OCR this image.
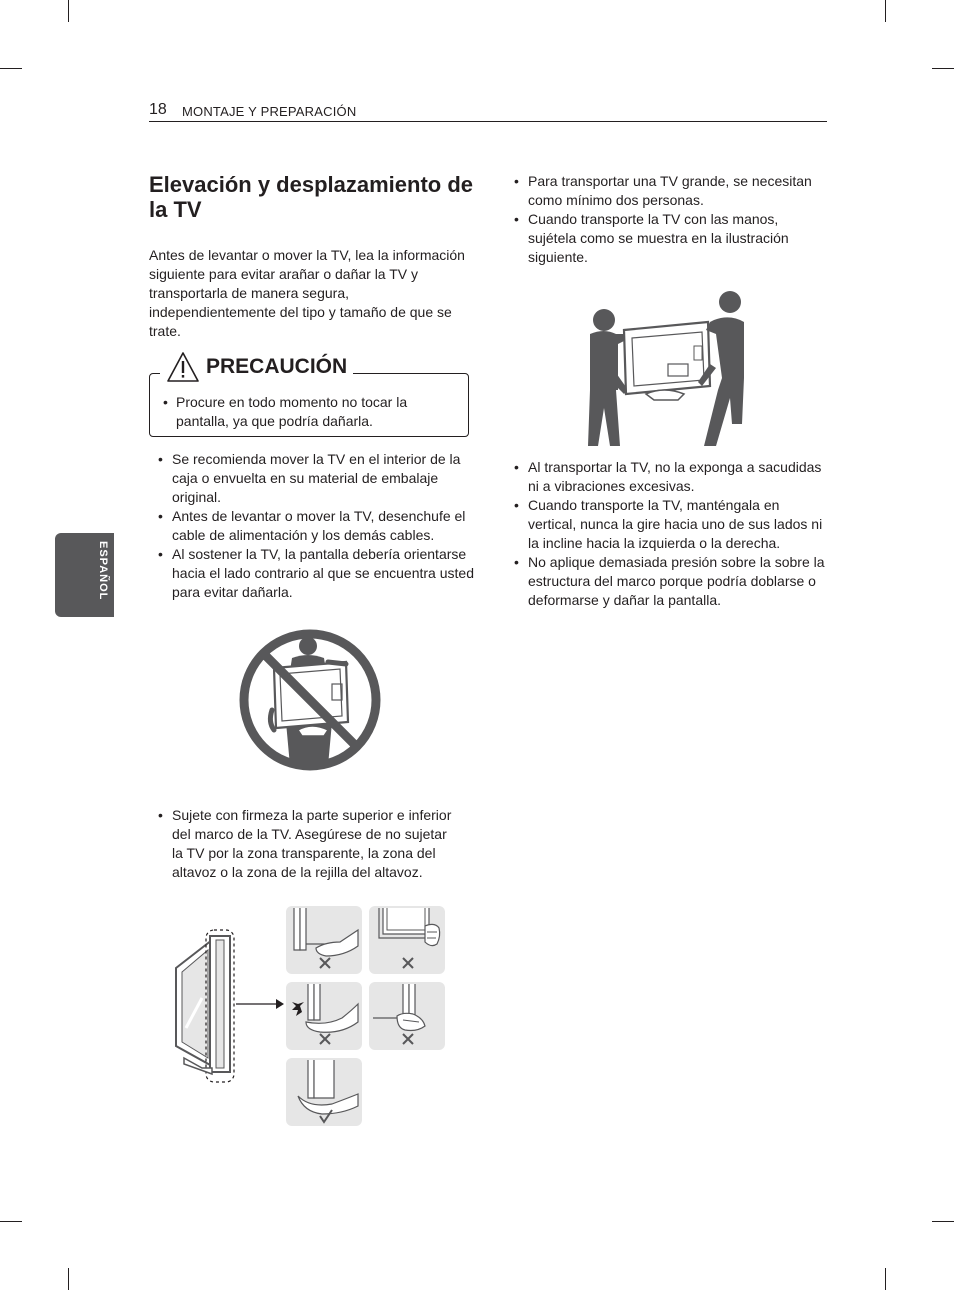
18 MONTAJE Y PREPARACIÓN
ESPAÑOL
Elevación y desplazamiento de la TV

Antes de levantar o mover la TV, lea la información siguiente para evitar arañar o dañar la TV y transportarla de manera segura, independientemente del tipo y tamaño de que se trate.

PRECAUCIÓN
• Procure en todo momento no tocar la pantalla, ya que podría dañarla.

• Se recomienda mover la TV en el interior de la caja o envuelta en su material de embalaje original.
• Antes de levantar o mover la TV, desenchufe el cable de alimentación y los demás cables.
• Al sostener la TV, la pantalla debería orientarse hacia el lado contrario al que se encuentra usted para evitar dañarla.
• Sujete con firmeza la parte superior e inferior del marco de la TV. Asegúrese de no sujetar la TV por la zona transparente, la zona del altavoz o la zona de la rejilla del altavoz.
• Para transportar una TV grande, se necesitan como mínimo dos personas.
• Cuando transporte la TV con las manos, sujétela como se muestra en la ilustración siguiente.
• Al transportar la TV, no la exponga a sacudidas ni a vibraciones excesivas.
• Cuando transporte la TV, manténgala en vertical, nunca la gire hacia uno de sus lados ni la incline hacia la izquierda o la derecha.
• No aplique demasiada presión sobre la sobre la estructura del marco porque podría doblarse o deformarse y dañar la pantalla.
